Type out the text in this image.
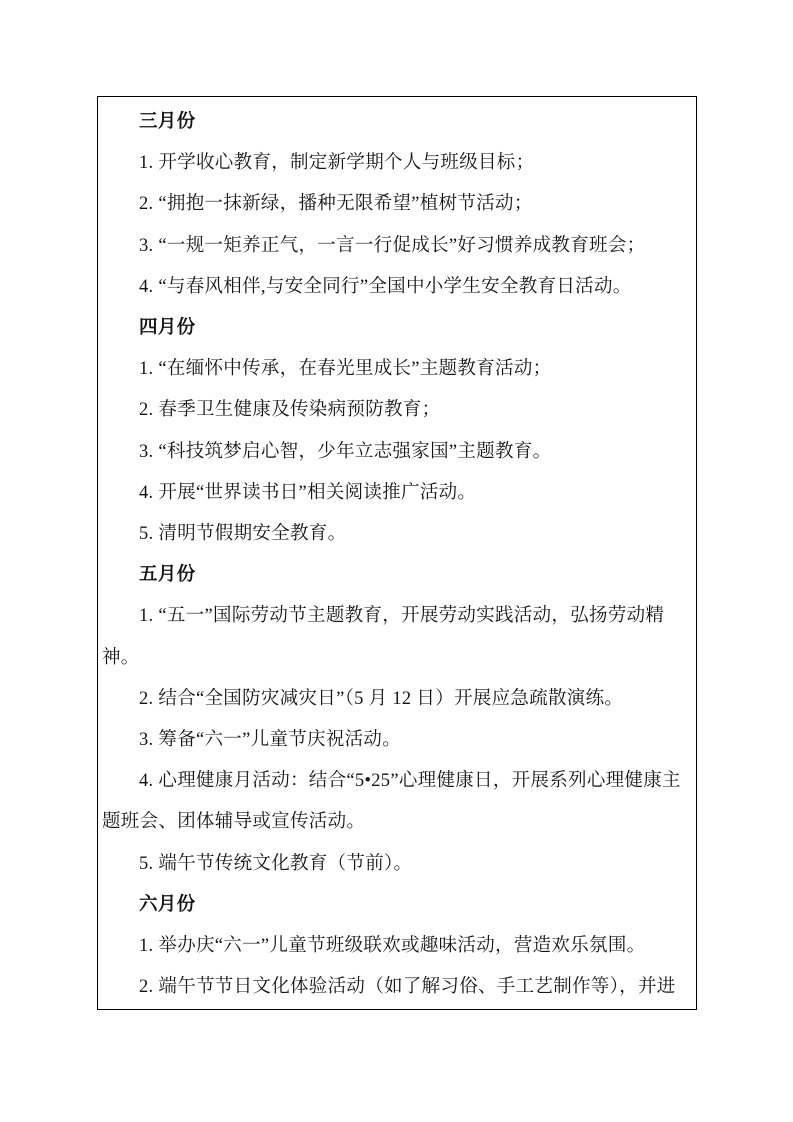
三月份

1. 开学收心教育，制定新学期个人与班级目标；

2. “拥抱一抹新绿，播种无限希望”植树节活动；

3. “一规一矩养正气，一言一行促成长”好习惯养成教育班会；

4. “与春风相伴,与安全同行”全国中小学生安全教育日活动。

四月份

1. “在缅怀中传承，在春光里成长”主题教育活动；

2. 春季卫生健康及传染病预防教育；

3. “科技筑梦启心智，少年立志强家国”主题教育。

4. 开展“世界读书日”相关阅读推广活动。

5. 清明节假期安全教育。

五月份

1. “五一”国际劳动节主题教育，开展劳动实践活动，弘扬劳动精神。

2. 结合“全国防灾减灾日”（5 月 12 日）开展应急疏散演练。

3. 筹备“六一”儿童节庆祝活动。

4. 心理健康月活动：结合“5•25”心理健康日，开展系列心理健康主题班会、团体辅导或宣传活动。

5. 端午节传统文化教育（节前）。

六月份

1. 举办庆“六一”儿童节班级联欢或趣味活动，营造欢乐氛围。

2. 端午节节日文化体验活动（如了解习俗、手工艺制作等），并进
